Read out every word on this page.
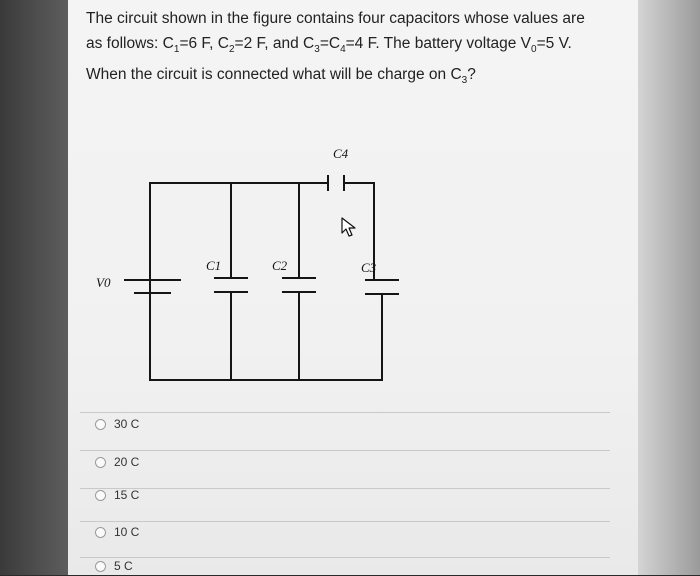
The circuit shown in the figure contains four capacitors whose values are
as follows: $C_1=6$ F, $C_2=2$ F, and $C_3=C_4=4$ F. The battery voltage $V_0=5$ V.
When the circuit is connected what will be charge on $C_3$?

C4
C1	C2	C3
V0
30 C
20 C
15 C
10 C
5 C
